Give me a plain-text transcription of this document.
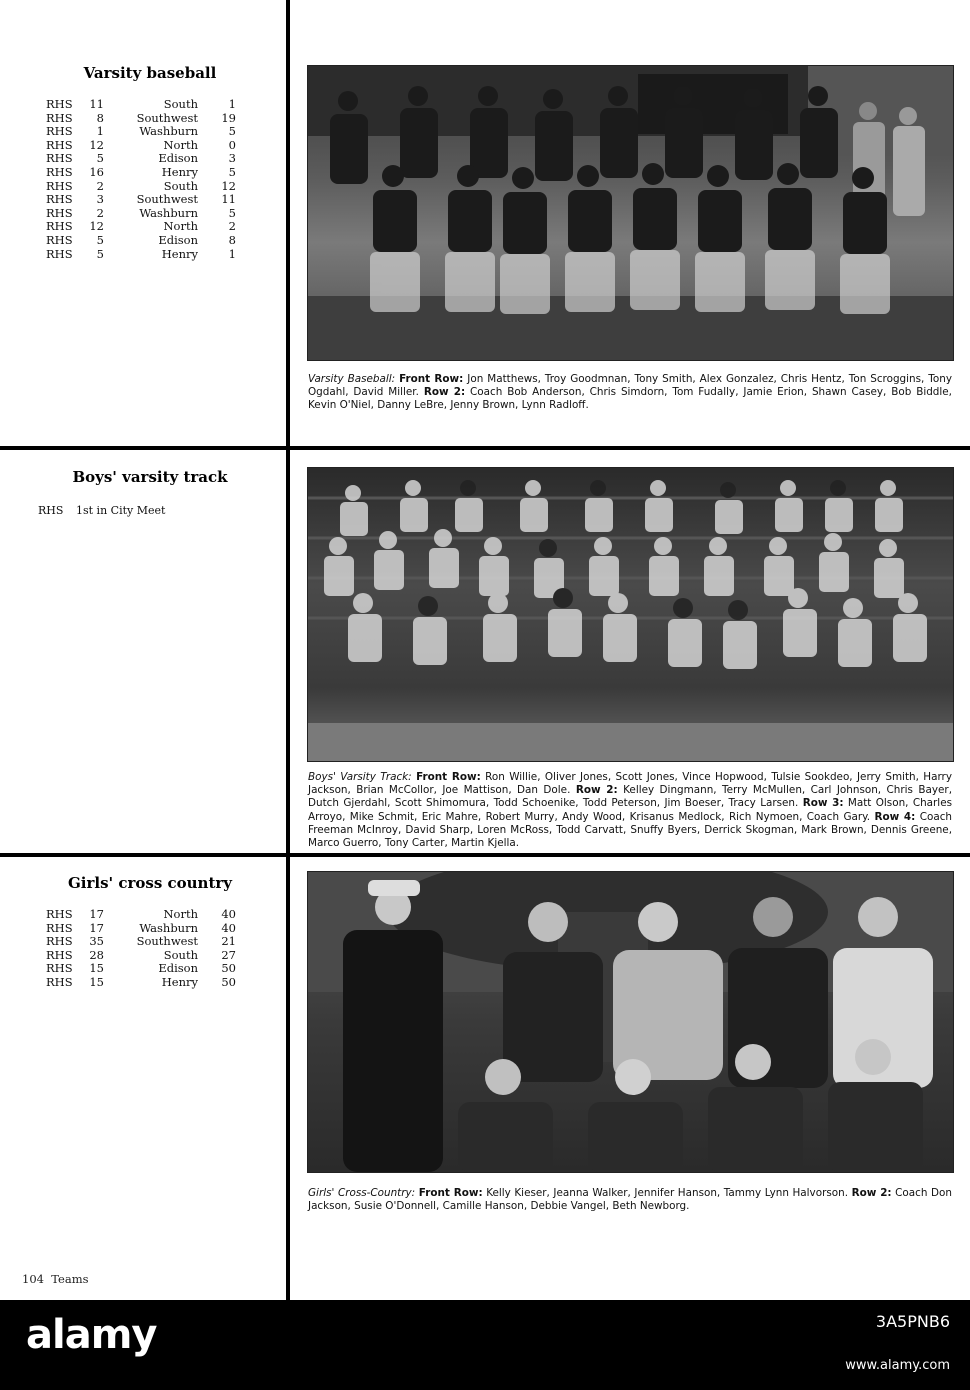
Varsity baseball
RHS	11	South	1
RHS	8	Southwest	19
RHS	1	Washburn	5
RHS	12	North	0
RHS	5	Edison	3
RHS	16	Henry	5
RHS	2	South	12
RHS	3	Southwest	11
RHS	2	Washburn	5
RHS	12	North	2
RHS	5	Edison	8
RHS	5	Henry	1
Varsity Baseball: Front Row: Jon Matthews, Troy Goodmnan, Tony Smith, Alex Gonzalez, Chris Hentz, Ton Scroggins, Tony Ogdahl, David Miller. Row 2: Coach Bob Anderson, Chris Simdorn, Tom Fudally, Jamie Erion, Shawn Casey, Bob Biddle, Kevin O'Niel, Danny LeBre, Jenny Brown, Lynn Radloff.
Boys' varsity track
RHS 1st in City Meet
Boys' Varsity Track: Front Row: Ron Willie, Oliver Jones, Scott Jones, Vince Hopwood, Tulsie Sookdeo, Jerry Smith, Harry Jackson, Brian McCollor, Joe Mattison, Dan Dole. Row 2: Kelley Dingmann, Terry McMullen, Carl Johnson, Chris Bayer, Dutch Gjerdahl, Scott Shimomura, Todd Schoenike, Todd Peterson, Jim Boeser, Tracy Larsen. Row 3: Matt Olson, Charles Arroyo, Mike Schmit, Eric Mahre, Robert Murry, Andy Wood, Krisanus Medlock, Rich Nymoen, Coach Gary. Row 4: Coach Freeman McInroy, David Sharp, Loren McRoss, Todd Carvatt, Snuffy Byers, Derrick Skogman, Mark Brown, Dennis Greene, Marco Guerro, Tony Carter, Martin Kjella.
Girls' cross country
RHS	17	North	40
RHS	17	Washburn	40
RHS	35	Southwest	21
RHS	28	South	27
RHS	15	Edison	50
RHS	15	Henry	50
Girls' Cross-Country: Front Row: Kelly Kieser, Jeanna Walker, Jennifer Hanson, Tammy Lynn Halvorson. Row 2: Coach Don Jackson, Susie O'Donnell, Camille Hanson, Debbie Vangel, Beth Newborg.
104  Teams
alamy	3A5PNB6
www.alamy.com
